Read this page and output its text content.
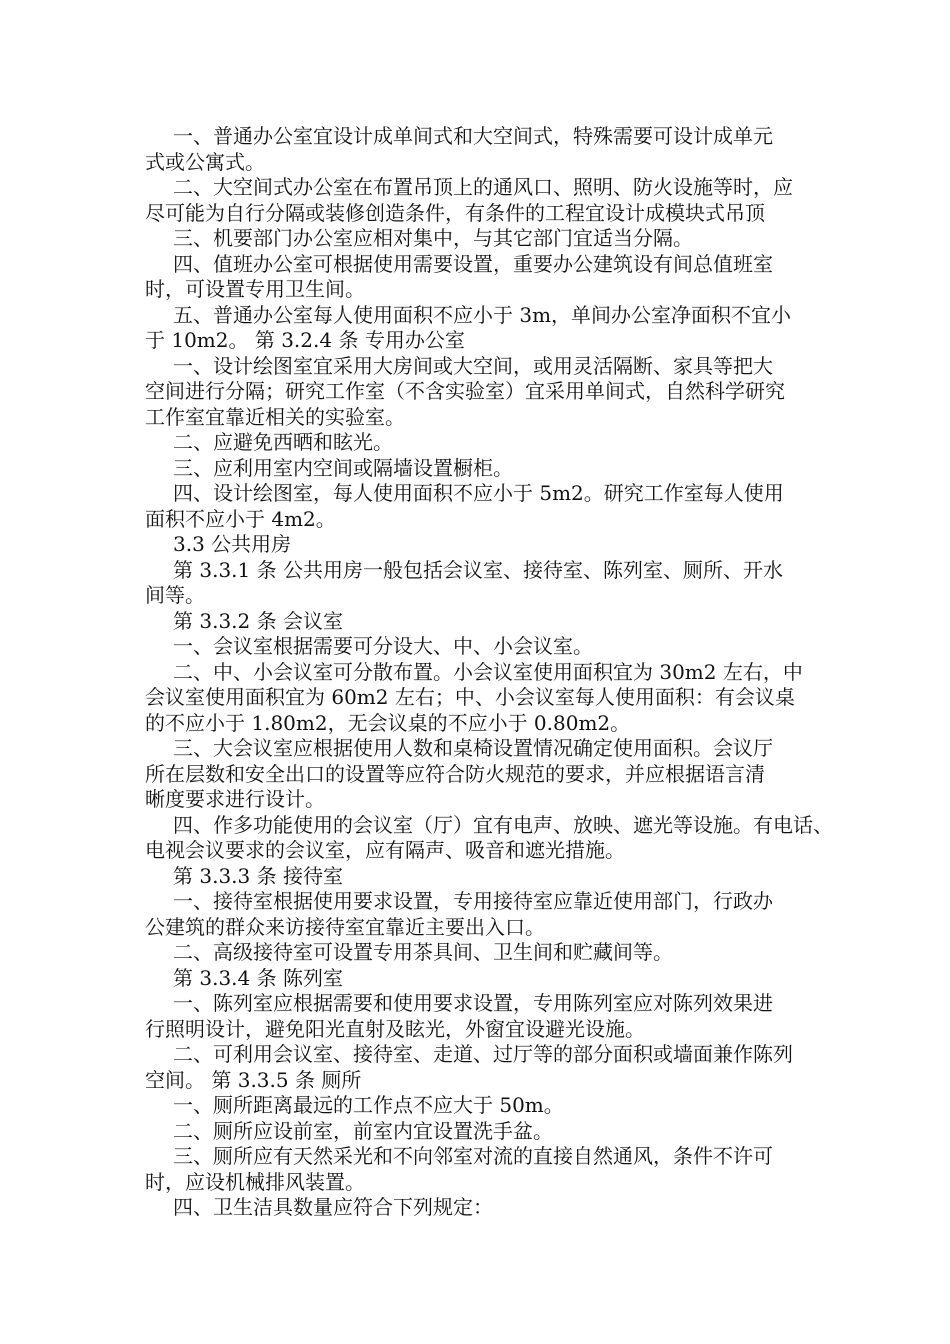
一、普通办公室宜设计成单间式和大空间式，特殊需要可设计成单元
式或公寓式。
二、大空间式办公室在布置吊顶上的通风口、照明、防火设施等时，应
尽可能为自行分隔或装修创造条件，有条件的工程宜设计成模块式吊顶
三、机要部门办公室应相对集中，与其它部门宜适当分隔。
四、值班办公室可根据使用需要设置，重要办公建筑设有间总值班室
时，可设置专用卫生间。
五、普通办公室每人使用面积不应小于 3m，单间办公室净面积不宜小
于 10m2。 第 3.2.4 条 专用办公室
一、设计绘图室宜采用大房间或大空间，或用灵活隔断、家具等把大
空间进行分隔；研究工作室（不含实验室）宜采用单间式，自然科学研究
工作室宜靠近相关的实验室。
二、应避免西晒和眩光。
三、应利用室内空间或隔墙设置橱柜。
四、设计绘图室，每人使用面积不应小于 5m2。研究工作室每人使用
面积不应小于 4m2。
3.3 公共用房
第 3.3.1 条 公共用房一般包括会议室、接待室、陈列室、厕所、开水
间等。
第 3.3.2 条 会议室
一、会议室根据需要可分设大、中、小会议室。
二、中、小会议室可分散布置。小会议室使用面积宜为 30m2 左右，中
会议室使用面积宜为 60m2 左右；中、小会议室每人使用面积：有会议桌
的不应小于 1.80m2，无会议桌的不应小于 0.80m2。
三、大会议室应根据使用人数和桌椅设置情况确定使用面积。会议厅
所在层数和安全出口的设置等应符合防火规范的要求，并应根据语言清
晰度要求进行设计。
四、作多功能使用的会议室（厅）宜有电声、放映、遮光等设施。有电话、
电视会议要求的会议室，应有隔声、吸音和遮光措施。
第 3.3.3 条 接待室
一、接待室根据使用要求设置，专用接待室应靠近使用部门，行政办
公建筑的群众来访接待室宜靠近主要出入口。
二、高级接待室可设置专用茶具间、卫生间和贮藏间等。
第 3.3.4 条 陈列室
一、陈列室应根据需要和使用要求设置，专用陈列室应对陈列效果进
行照明设计，避免阳光直射及眩光，外窗宜设避光设施。
二、可利用会议室、接待室、走道、过厅等的部分面积或墙面兼作陈列
空间。 第 3.3.5 条 厕所
一、厕所距离最远的工作点不应大于 50m。
二、厕所应设前室，前室内宜设置洗手盆。
三、厕所应有天然采光和不向邻室对流的直接自然通风，条件不许可
时，应设机械排风装置。
四、卫生洁具数量应符合下列规定：
